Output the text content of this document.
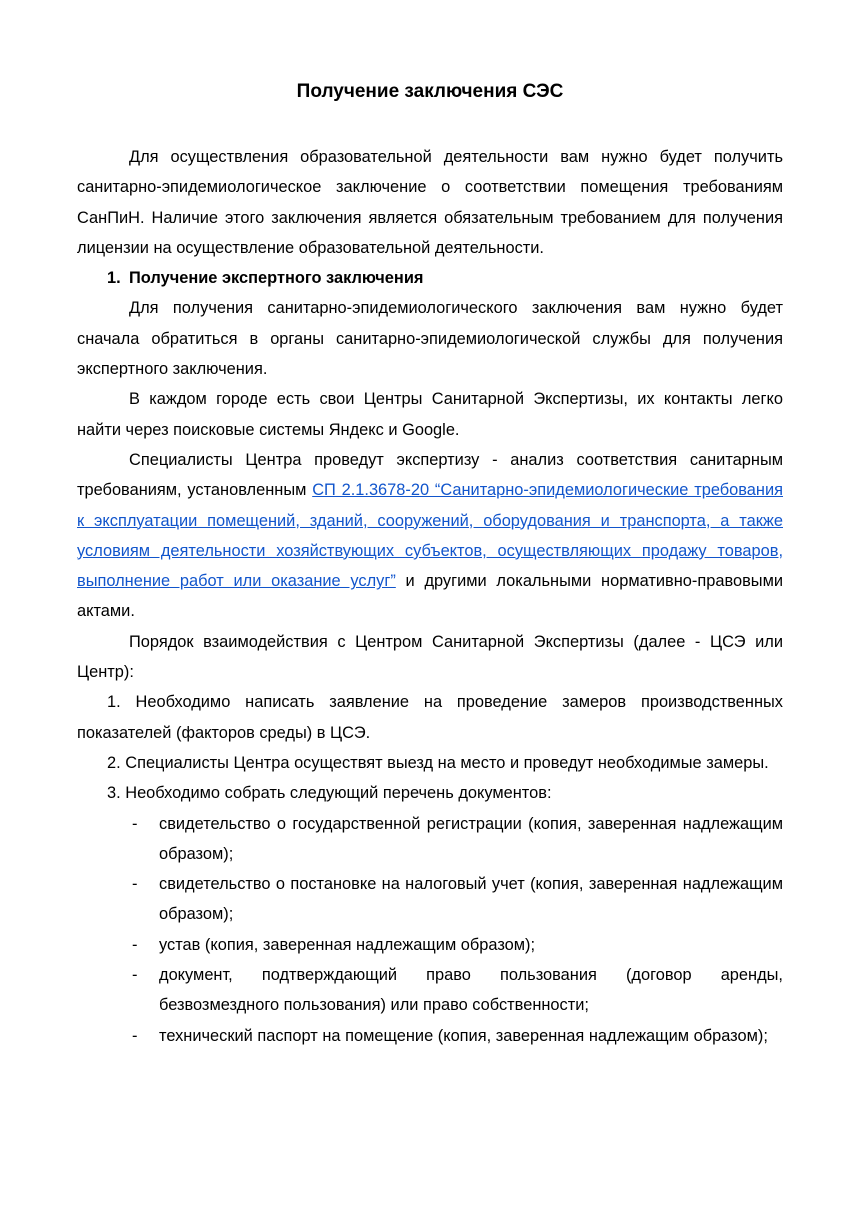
Получение заключения СЭС

Для осуществления образовательной деятельности вам нужно будет получить санитарно-эпидемиологическое заключение о соответствии помещения требованиям СанПиН. Наличие этого заключения является обязательным требованием для получения лицензии на осуществление образовательной деятельности.

1. Получение экспертного заключения

Для получения санитарно-эпидемиологического заключения вам нужно будет сначала обратиться в органы санитарно-эпидемиологической службы для получения экспертного заключения.

В каждом городе есть свои Центры Санитарной Экспертизы, их контакты легко найти через поисковые системы Яндекс и Google.

Специалисты Центра проведут экспертизу - анализ соответствия санитарным требованиям, установленным СП 2.1.3678-20 “Санитарно-эпидемиологические требования к эксплуатации помещений, зданий, сооружений, оборудования и транспорта, а также условиям деятельности хозяйствующих субъектов, осуществляющих продажу товаров, выполнение работ или оказание услуг” и другими локальными нормативно-правовыми актами.

Порядок взаимодействия с Центром Санитарной Экспертизы (далее - ЦСЭ или Центр):

1. Необходимо написать заявление на проведение замеров производственных показателей (факторов среды) в ЦСЭ.

2. Специалисты Центра осуществят выезд на место и проведут необходимые замеры.

3. Необходимо собрать следующий перечень документов:

- свидетельство о государственной регистрации (копия, заверенная надлежащим образом);
- свидетельство о постановке на налоговый учет (копия, заверенная надлежащим образом);
- устав (копия, заверенная надлежащим образом);
- документ, подтверждающий право пользования (договор аренды, безвозмездного пользования) или право собственности;
- технический паспорт на помещение (копия, заверенная надлежащим образом);
